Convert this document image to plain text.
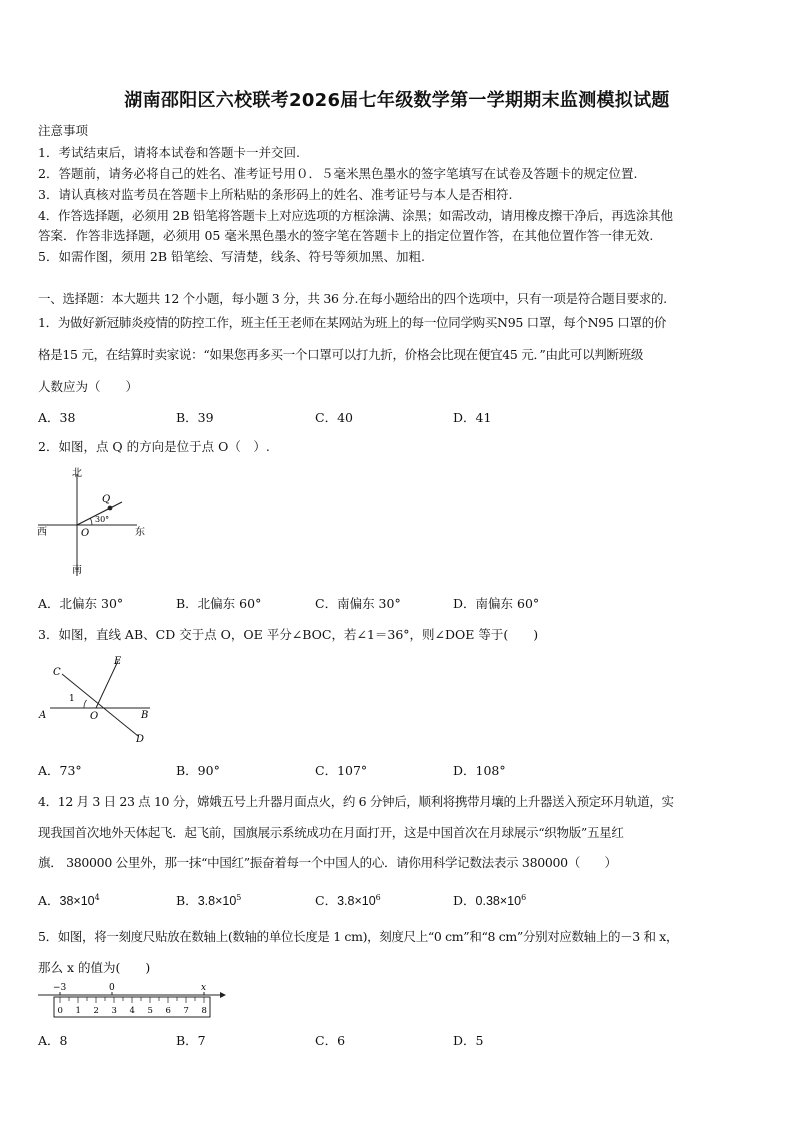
湖南邵阳区六校联考2026届七年级数学第一学期期末监测模拟试题
注意事项
1．考试结束后，请将本试卷和答题卡一并交回.
2．答题前，请务必将自己的姓名、准考证号用０．５毫米黑色墨水的签字笔填写在试卷及答题卡的规定位置.
3．请认真核对监考员在答题卡上所粘贴的条形码上的姓名、准考证号与本人是否相符.
4．作答选择题，必须用 2B 铅笔将答题卡上对应选项的方框涂满、涂黑；如需改动，请用橡皮擦干净后，再选涂其他
答案．作答非选择题，必须用 05 毫米黑色墨水的签字笔在答题卡上的指定位置作答，在其他位置作答一律无效.
5．如需作图，须用 2B 铅笔绘、写清楚，线条、符号等须加黑、加粗.
一、选择题：本大题共 12 个小题，每小题 3 分，共 36 分.在每小题给出的四个选项中，只有一项是符合题目要求的.
1．为做好新冠肺炎疫情的防控工作，班主任王老师在某网站为班上的每一位同学购买N95 口罩，每个N95 口罩的价
格是15 元，在结算时卖家说：“如果您再多买一个口罩可以打九折，价格会比现在便宜45 元．”由此可以判断班级
人数应为（　　）
A．38	B．39	C．40	D．41
2．如图，点 Q 的方向是位于点 O（　）.
北
南
西	东
O
Q
30°
A．北偏东 30°	B．北偏东 60°	C．南偏东 30°	D．南偏东 60°
3．如图，直线 AB、CD 交于点 O，OE 平分∠BOC，若∠1＝36°，则∠DOE 等于(　　)
A	B
C
D
E
O
1
A．73°	B．90°	C．107°	D．108°
4．12 月 3 日 23 点 10 分，嫦娥五号上升器月面点火，约 6 分钟后，顺利将携带月壤的上升器送入预定环月轨道，实
现我国首次地外天体起飞．起飞前，国旗展示系统成功在月面打开，这是中国首次在月球展示“织物版”五星红
旗． 380000 公里外，那一抹“中国红”振奋着每一个中国人的心．请你用科学记数法表示 380000（　　）
A．$38\times 10^4$	B．$3.8\times 10^5$	C．$3.8\times 10^6$	D．$0.38\times 10^6$
5．如图，将一刻度尺贴放在数轴上(数轴的单位长度是 1 cm)，刻度尺上“0 cm”和“8 cm”分别对应数轴上的－3 和 x，
那么 x 的值为(　　)
−3	0	x
0 1 2 3 4 5 6 7 8
A．8	B．7	C．6	D．5
